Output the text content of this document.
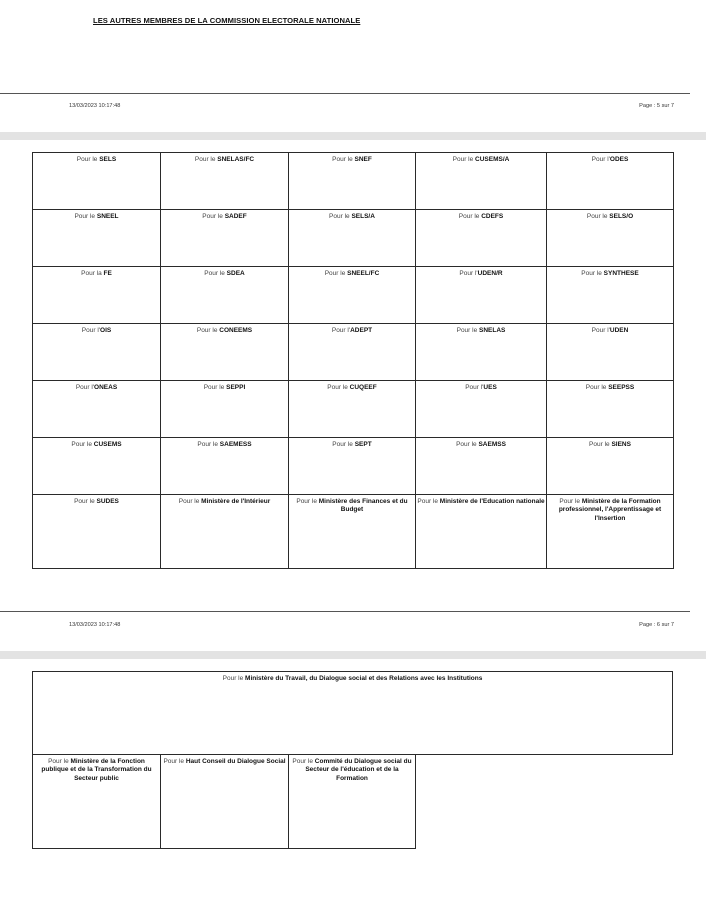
LES AUTRES MEMBRES DE LA COMMISSION ELECTORALE NATIONALE
13/03/2023 10:17:48	Page : 5 sur 7
Pour le SELS	Pour le SNELAS/FC	Pour le SNEF	Pour le CUSEMS/A	Pour l'ODES
Pour le SNEEL	Pour le SADEF	Pour le SELS/A	Pour le CDEFS	Pour le SELS/O
Pour la FE	Pour le SDEA	Pour le SNEEL/FC	Pour l'UDEN/R	Pour le SYNTHESE
Pour l'OIS	Pour le CONEEMS	Pour l'ADEPT	Pour le SNELAS	Pour l'UDEN
Pour l'ONEAS	Pour le SEPPI	Pour le CUQEEF	Pour l'UES	Pour le SEEPSS
Pour le CUSEMS	Pour le SAEMESS	Pour le SEPT	Pour le SAEMSS	Pour le SIENS
Pour le SUDES	Pour le Ministère de l'Intérieur	Pour le Ministère des Finances et du Budget	Pour le Ministère de l'Education nationale	Pour le Ministère de la Formation professionnel, l'Apprentissage et l'Insertion
13/03/2023 10:17:48	Page : 6 sur 7
Pour le Ministère du Travail, du Dialogue social et des Relations avec les Institutions
Pour le Ministère de la Fonction publique et de la Transformation du Secteur public	Pour le Haut Conseil du Dialogue Social	Pour le Commité du Dialogue social du Secteur de l'éducation et de la Formation
